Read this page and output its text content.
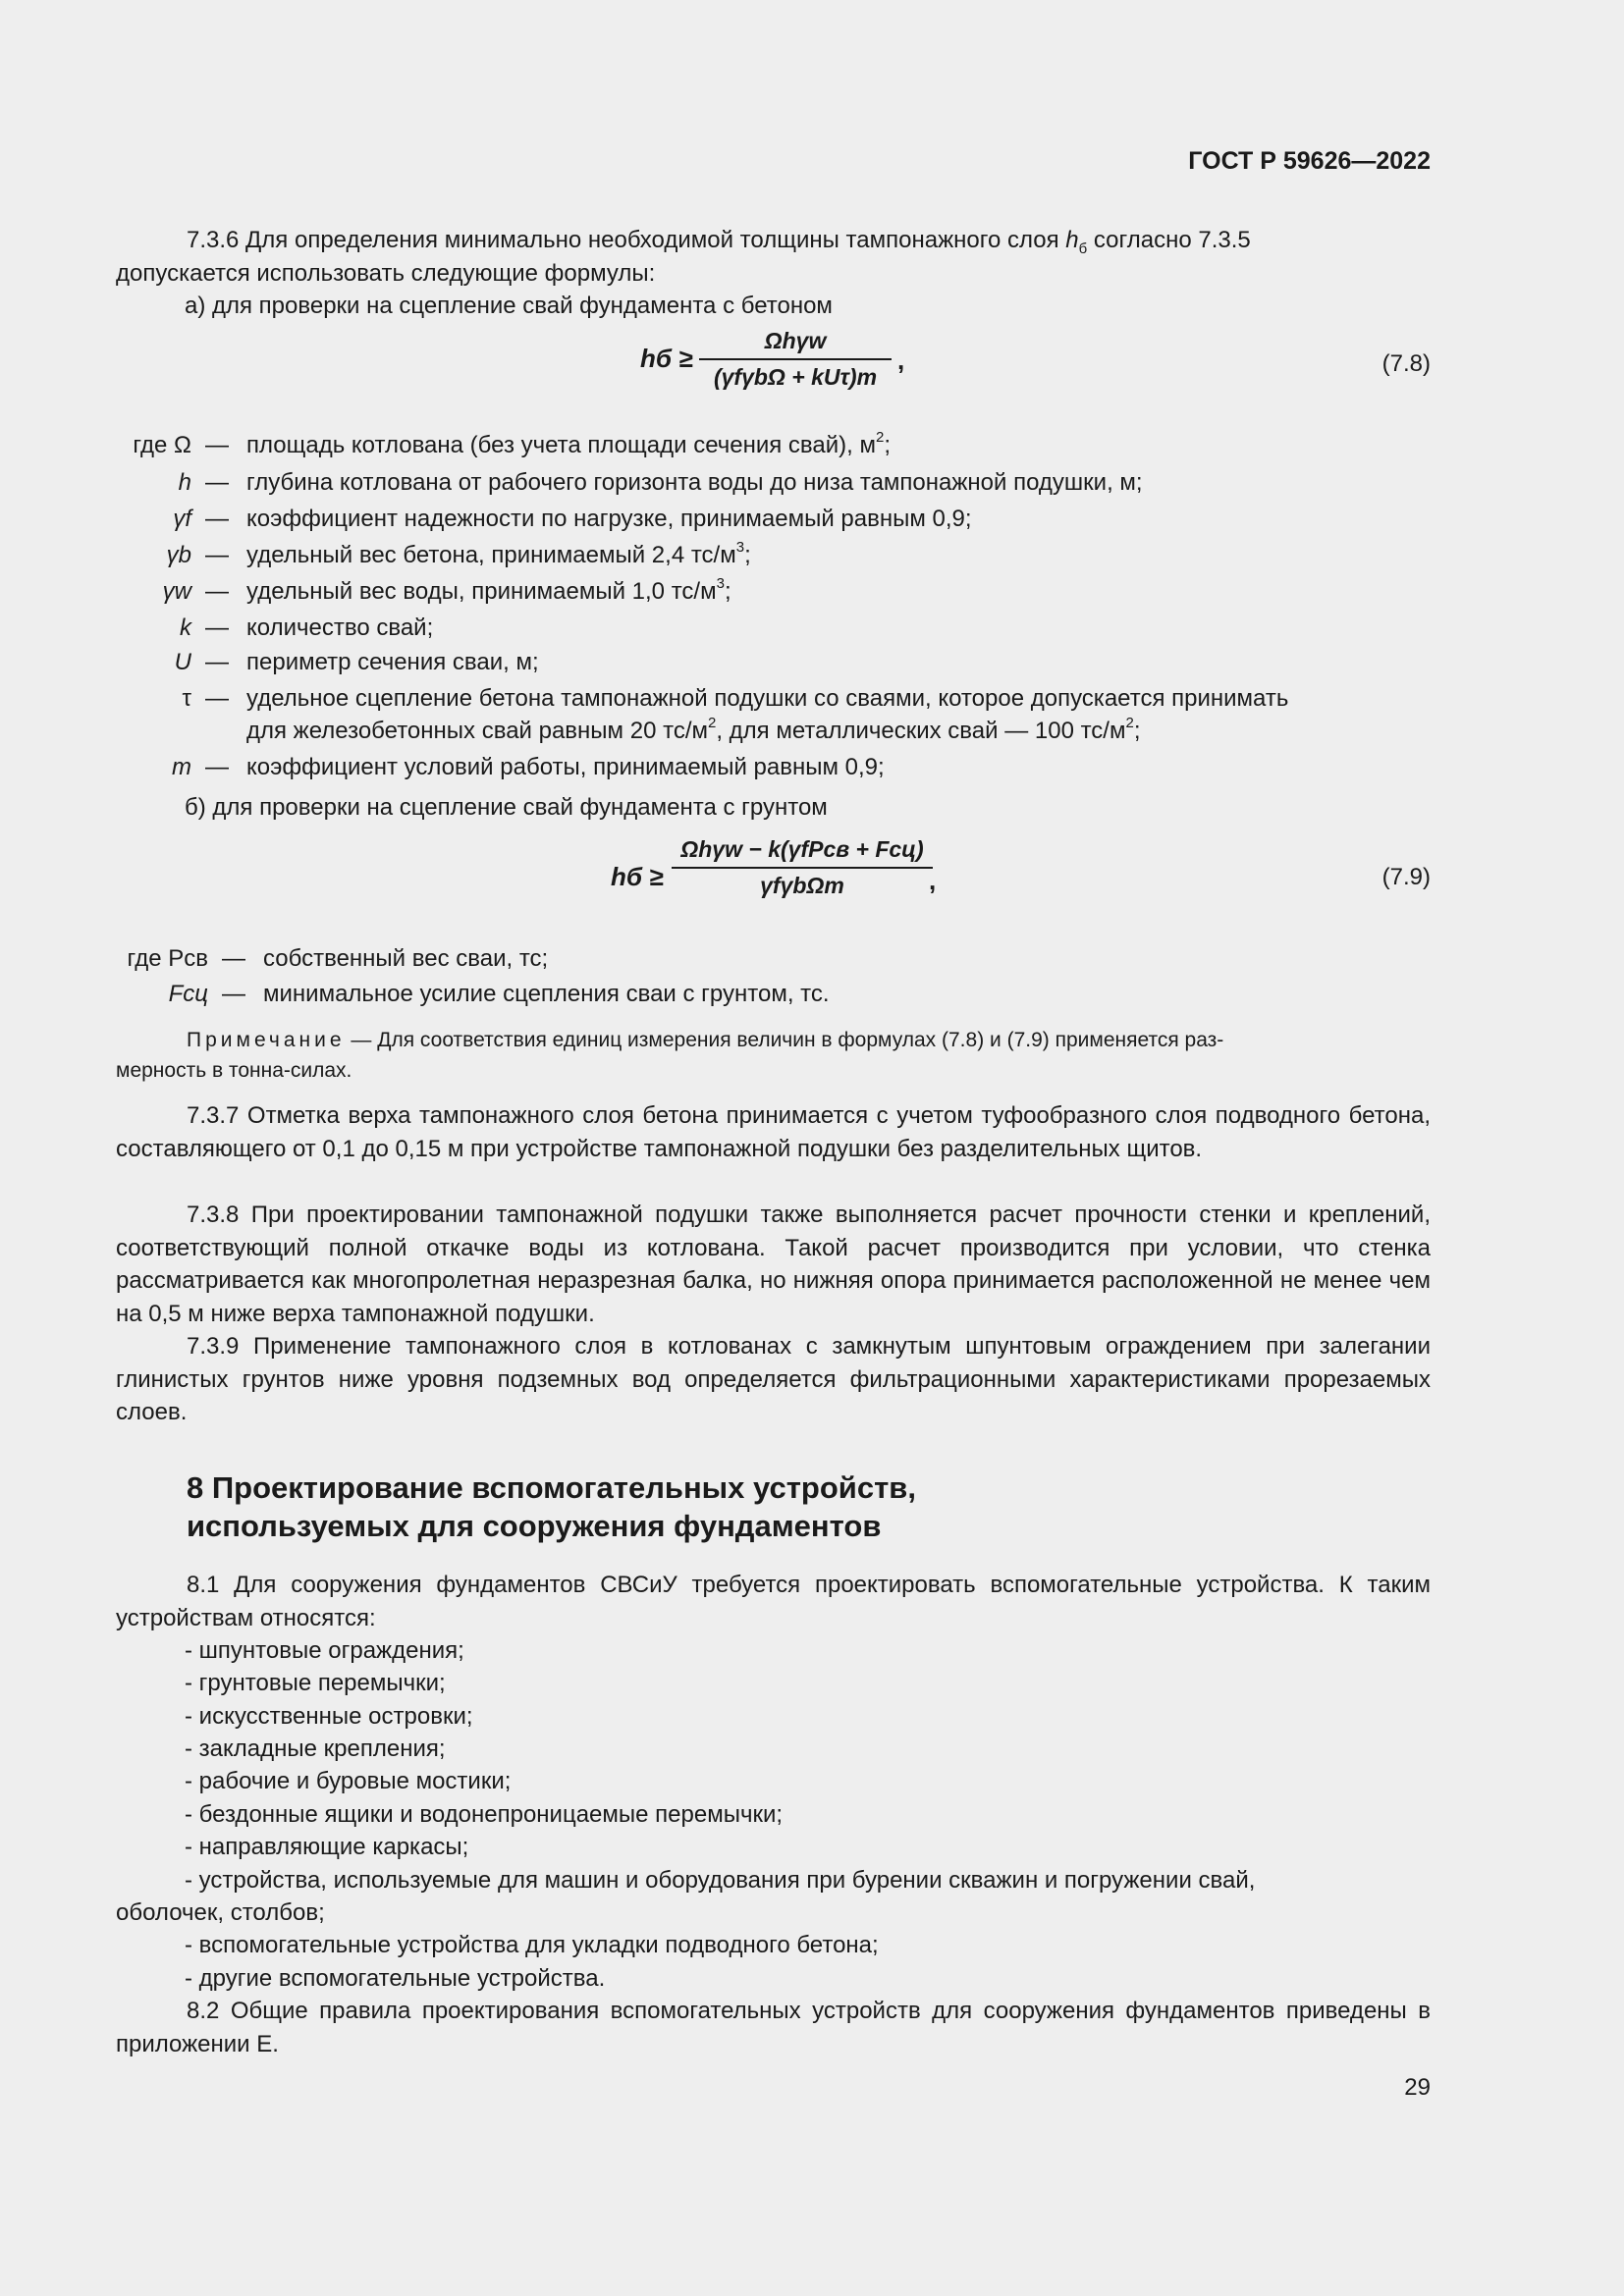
ГОСТ Р 59626—2022
7.3.6 Для определения минимально необходимой толщины тампонажного слоя $h_б$ согласно 7.3.5
допускается использовать следующие формулы:
а) для проверки на сцепление свай фундамента с бетоном
hб ≥
Ωhγw
(γfγbΩ + kUτ)m
,	(7.8)
где Ω — площадь котлована (без учета площади сечения свай), $м^2$;
h — глубина котлована от рабочего горизонта воды до низа тампонажной подушки, м;
γf — коэффициент надежности по нагрузке, принимаемый равным 0,9;
γb — удельный вес бетона, принимаемый 2,4 $тс/м^3$;
γw — удельный вес воды, принимаемый 1,0 $тс/м^3$;
k — количество свай;
U — периметр сечения сваи, м;
τ — удельное сцепление бетона тампонажной подушки со сваями, которое допускается принимать
для железобетонных свай равным 20 $тс/м^2$, для металлических свай — 100 $тс/м^2$;
m — коэффициент условий работы, принимаемый равным 0,9;
б) для проверки на сцепление свай фундамента с грунтом
hб ≥
Ωhγw − k(γfPсв + Fсц)
γfγbΩm	,	(7.9)
где Pсв — собственный вес сваи, тс;
Fсц — минимальное усилие сцепления сваи с грунтом, тс.
Примечание — Для соответствия единиц измерения величин в формулах (7.8) и (7.9) применяется раз-
мерность в тонна-силах.
7.3.7 Отметка верха тампонажного слоя бетона принимается с учетом туфообразного слоя подводного бетона, составляющего от 0,1 до 0,15 м при устройстве тампонажной подушки без разделительных щитов.
7.3.8 При проектировании тампонажной подушки также выполняется расчет прочности стенки и креплений, соответствующий полной откачке воды из котлована. Такой расчет производится при условии, что стенка рассматривается как многопролетная неразрезная балка, но нижняя опора принимается расположенной не менее чем на 0,5 м ниже верха тампонажной подушки.
7.3.9 Применение тампонажного слоя в котлованах с замкнутым шпунтовым ограждением при залегании глинистых грунтов ниже уровня подземных вод определяется фильтрационными характеристиками прорезаемых слоев.
8 Проектирование вспомогательных устройств,
используемых для сооружения фундаментов
8.1 Для сооружения фундаментов СВСиУ требуется проектировать вспомогательные устройства. К таким устройствам относятся:
- шпунтовые ограждения;
- грунтовые перемычки;
- искусственные островки;
- закладные крепления;
- рабочие и буровые мостики;
- бездонные ящики и водонепроницаемые перемычки;
- направляющие каркасы;
- устройства, используемые для машин и оборудования при бурении скважин и погружении свай,
оболочек, столбов;
- вспомогательные устройства для укладки подводного бетона;
- другие вспомогательные устройства.
8.2 Общие правила проектирования вспомогательных устройств для сооружения фундаментов приведены в приложении Е.
29
